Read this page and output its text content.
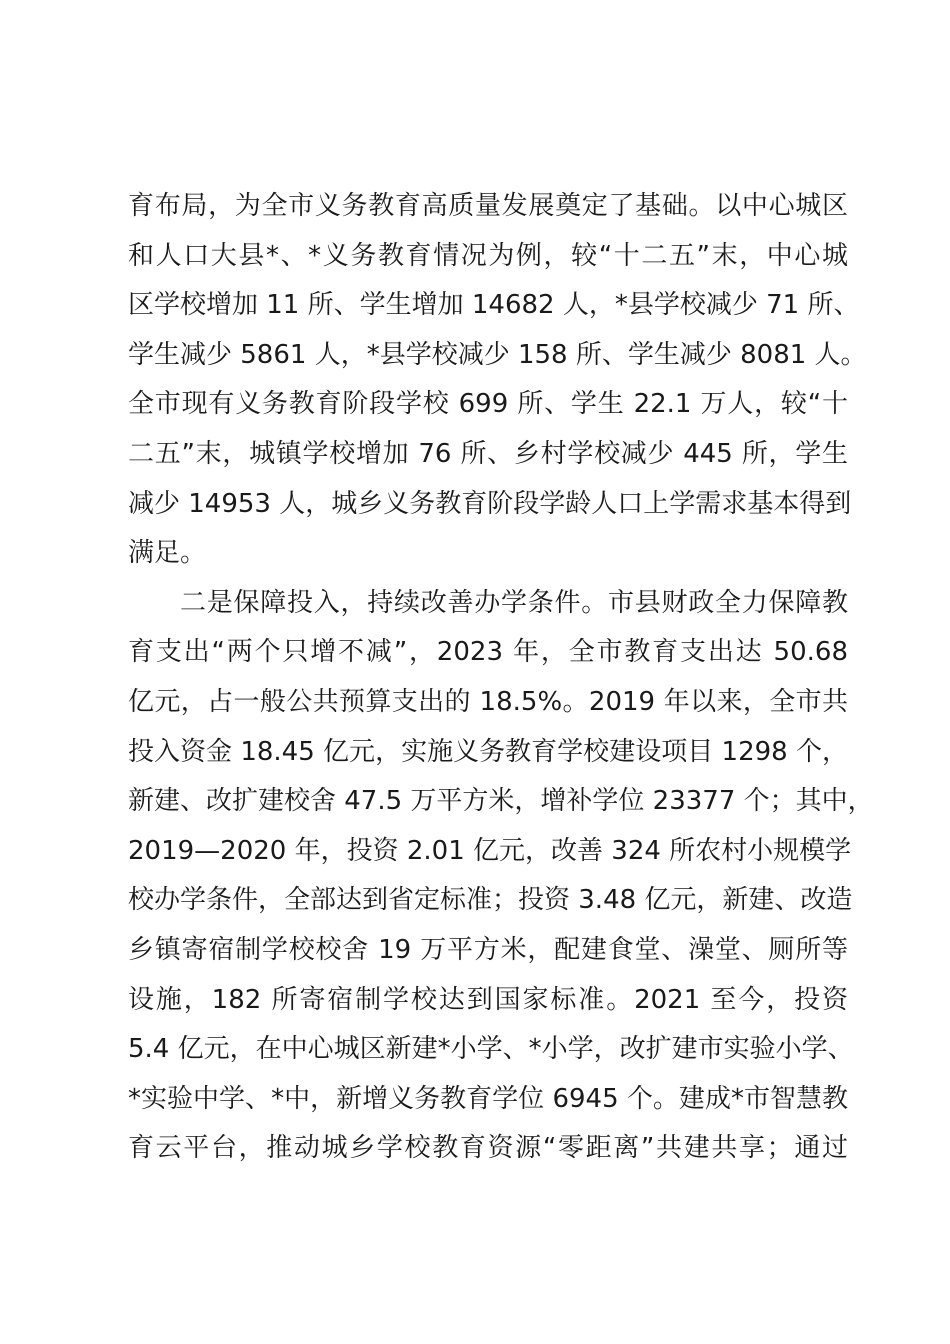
育布局，为全市义务教育高质量发展奠定了基础。以中心城区
和人口大县*、*义务教育情况为例，较“十二五”末，中心城
区学校增加 11 所、学生增加 14682 人，*县学校减少 71 所、
学生减少 5861 人，*县学校减少 158 所、学生减少 8081 人。
全市现有义务教育阶段学校 699 所、学生 22.1 万人，较“十
二五”末，城镇学校增加 76 所、乡村学校减少 445 所，学生
减少 14953 人，城乡义务教育阶段学龄人口上学需求基本得到
满足。
二是保障投入，持续改善办学条件。市县财政全力保障教
育支出“两个只增不减”，2023 年，全市教育支出达 50.68
亿元，占一般公共预算支出的 18.5%。2019 年以来，全市共
投入资金 18.45 亿元，实施义务教育学校建设项目 1298 个，
新建、改扩建校舍 47.5 万平方米，增补学位 23377 个；其中，
2019—2020 年，投资 2.01 亿元，改善 324 所农村小规模学
校办学条件，全部达到省定标准；投资 3.48 亿元，新建、改造
乡镇寄宿制学校校舍 19 万平方米，配建食堂、澡堂、厕所等
设施，182 所寄宿制学校达到国家标准。2021 至今，投资
5.4 亿元，在中心城区新建*小学、*小学，改扩建市实验小学、
*实验中学、*中，新增义务教育学位 6945 个。建成*市智慧教
育云平台，推动城乡学校教育资源“零距离”共建共享；通过
